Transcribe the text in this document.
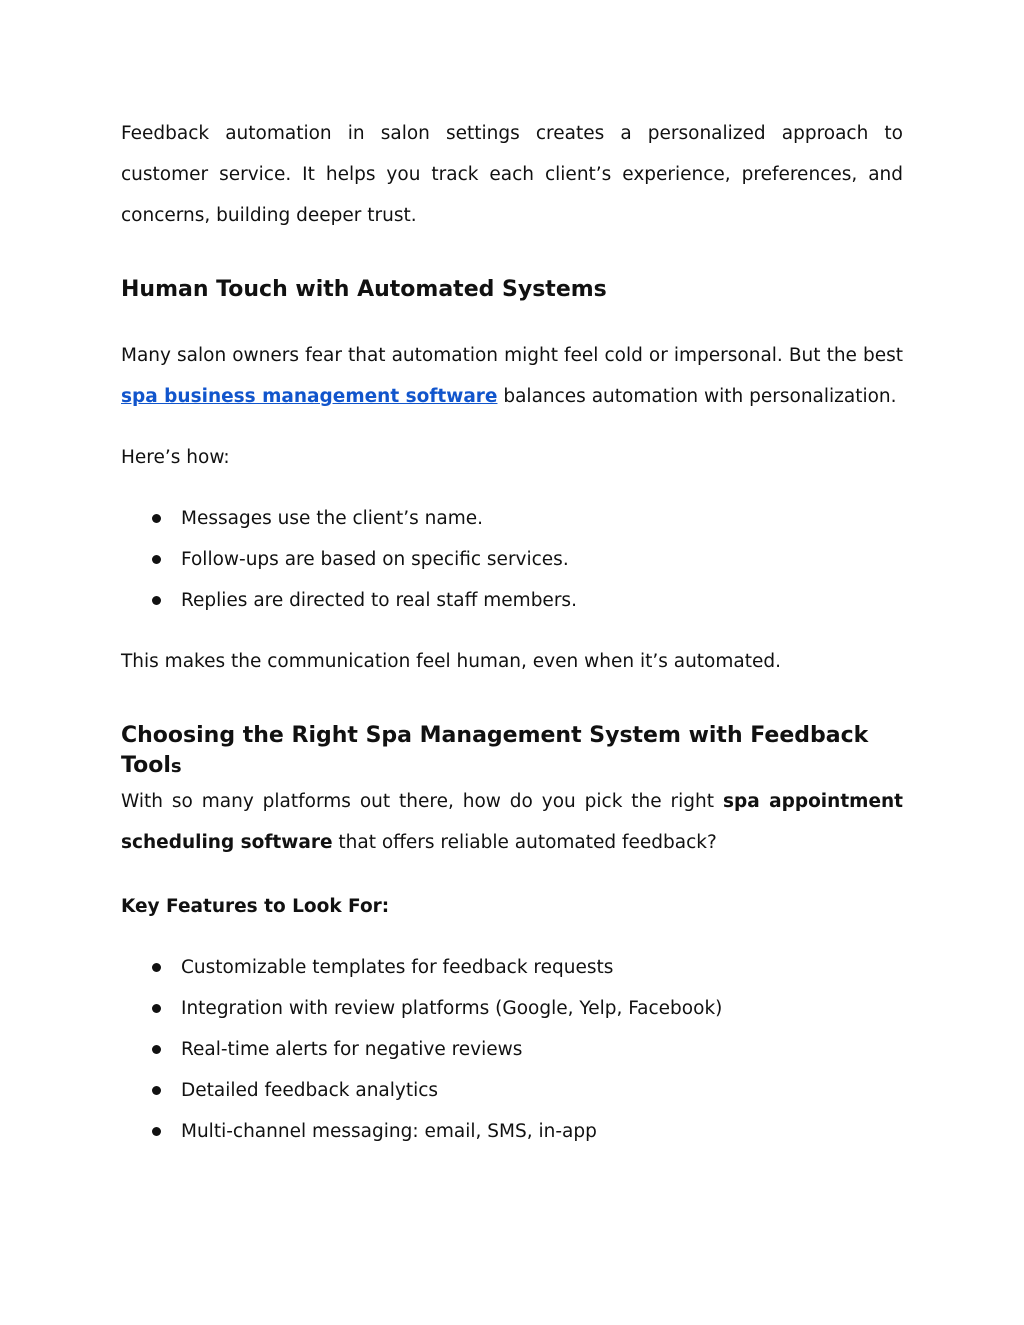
Feedback automation in salon settings creates a personalized approach to customer service. It helps you track each client’s experience, preferences, and concerns, building deeper trust.

Human Touch with Automated Systems

Many salon owners fear that automation might feel cold or impersonal. But the best spa business management software balances automation with personalization.

Here’s how:

Messages use the client’s name.
Follow-ups are based on specific services.
Replies are directed to real staff members.

This makes the communication feel human, even when it’s automated.

Choosing the Right Spa Management System with Feedback Tools

With so many platforms out there, how do you pick the right spa appointment scheduling software that offers reliable automated feedback?

Key Features to Look For:
Customizable templates for feedback requests
Integration with review platforms (Google, Yelp, Facebook)
Real-time alerts for negative reviews
Detailed feedback analytics
Multi-channel messaging: email, SMS, in-app
